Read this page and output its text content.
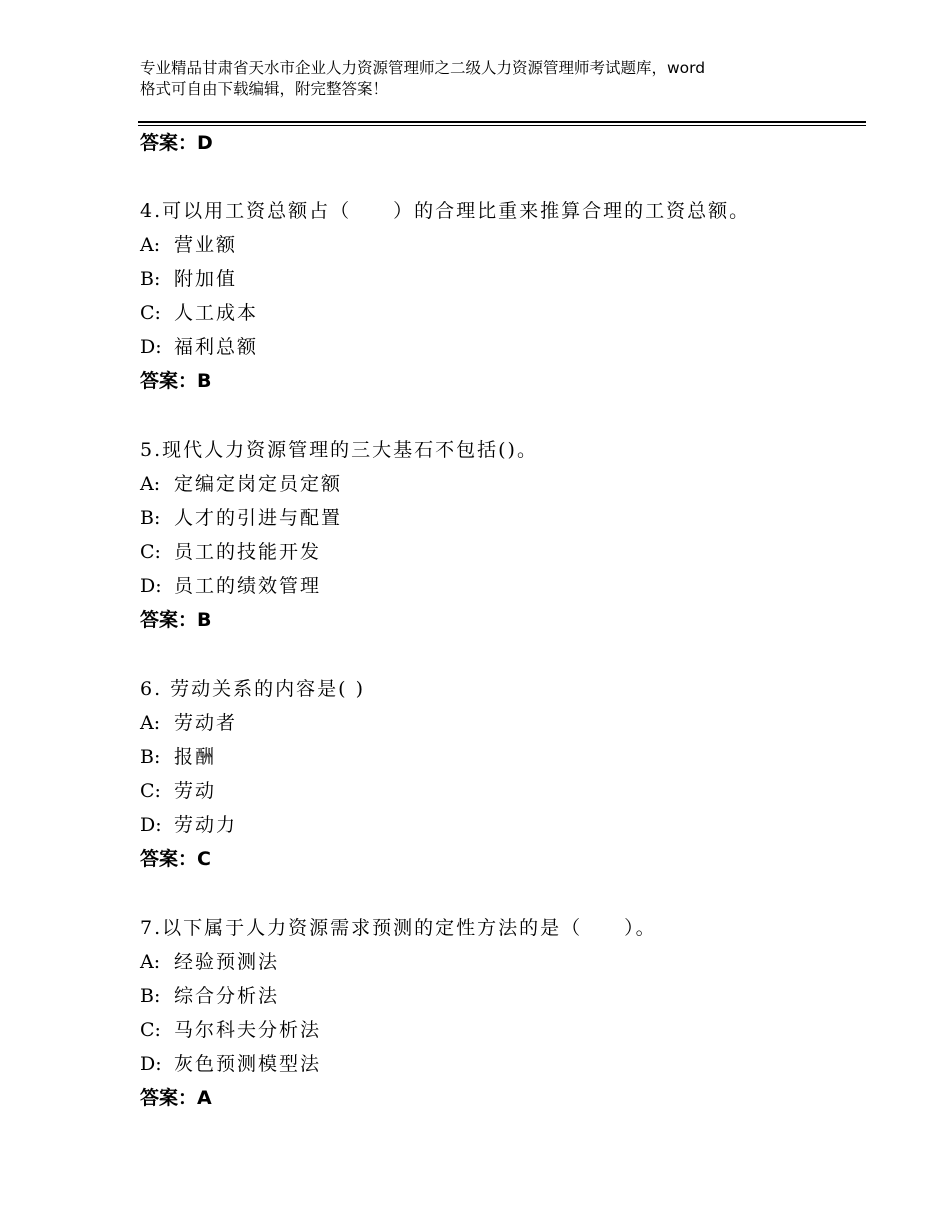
专业精品甘肃省天水市企业人力资源管理师之二级人力资源管理师考试题库，word
格式可自由下载编辑，附完整答案！
答案：D
4.可以用工资总额占（　　）的合理比重来推算合理的工资总额。
A: 营业额
B: 附加值
C: 人工成本
D: 福利总额
答案：B
5.现代人力资源管理的三大基石不包括()。
A: 定编定岗定员定额
B: 人才的引进与配置
C: 员工的技能开发
D: 员工的绩效管理
答案：B
6. 劳动关系的内容是( )
A: 劳动者
B: 报酬
C: 劳动
D: 劳动力
答案：C
7.以下属于人力资源需求预测的定性方法的是（　　）。
A: 经验预测法
B: 综合分析法
C: 马尔科夫分析法
D: 灰色预测模型法
答案：A
